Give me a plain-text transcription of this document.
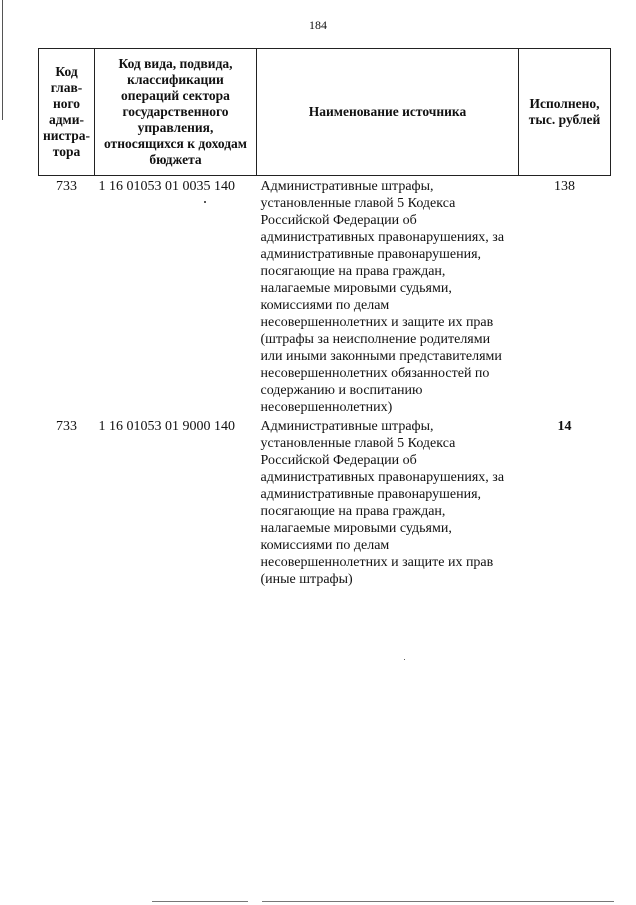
184
Код глав-ного адми-нистра-тора	Код вида, подвида, классификации операций сектора государственного управления, относящихся к доходам бюджета	Наименование источника	Исполнено, тыс. рублей
733	1 16 01053 01 0035 140	Административные штрафы, установленные главой 5 Кодекса Российской Федерации об административных правонарушениях, за административные правонарушения, посягающие на права граждан, налагаемые мировыми судьями, комиссиями по делам несовершеннолетних и защите их прав (штрафы за неисполнение родителями или иными законными представителями несовершеннолетних обязанностей по содержанию и воспитанию несовершеннолетних)	138
733	1 16 01053 01 9000 140	Административные штрафы, установленные главой 5 Кодекса Российской Федерации об административных правонарушениях, за административные правонарушения, посягающие на права граждан, налагаемые мировыми судьями, комиссиями по делам несовершеннолетних и защите их прав (иные штрафы)	14
